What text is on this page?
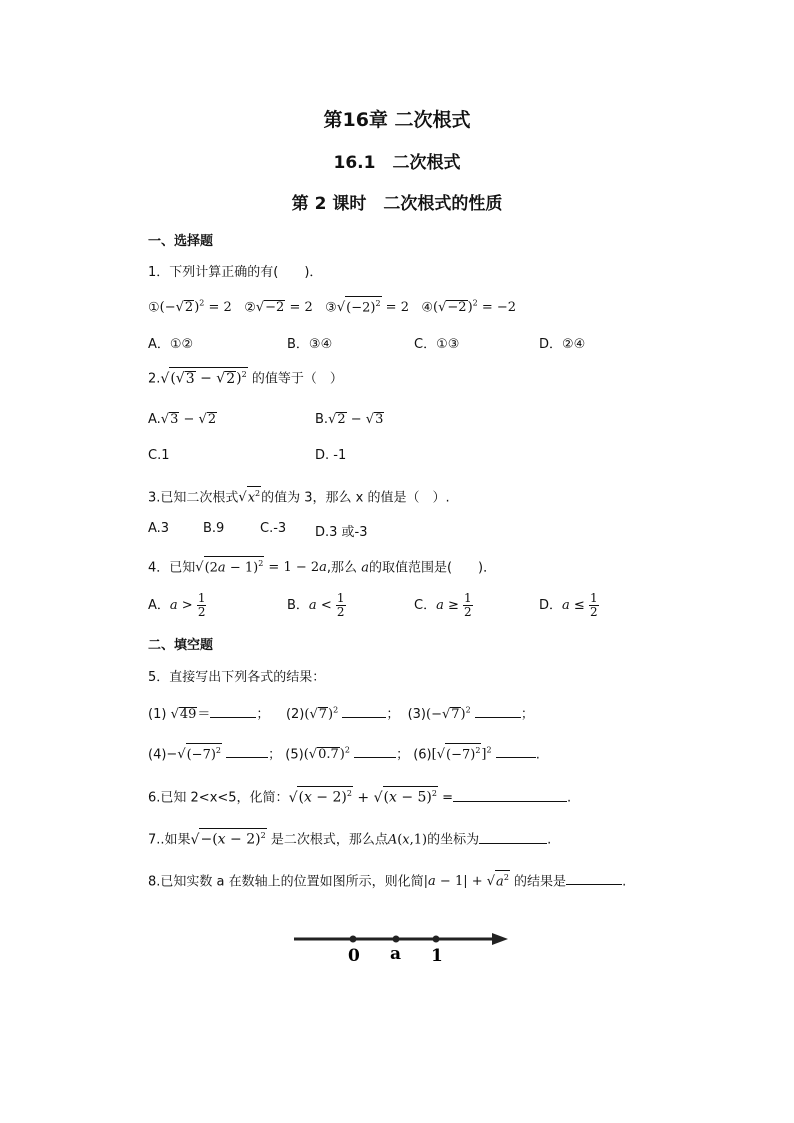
第16章 二次根式
16.1　二次根式
第 2 课时　二次根式的性质
一、选择题
1．下列计算正确的有(　　)．
$①(-√2)^2 = 2$ ②√−2 = 2 $③√(-2)^2 = 2$ $④(√-2)^2 = -2$
A．①②	B．③④	C．①③	D．②④
$2.√(√3 - √2)^2$ 的值等于（　）
A.√3 − √2	B.√2 − √3
C.1	D. -1
3.已知二次根式$√x^2$的值为 3，那么 x 的值是（　）.
A.3	B.9	C.-3 D.3 或-3
4．已知$√(2a - 1)^2 = 1 - 2a$,那么 a的取值范围是(　　)．
A．$a > \frac{1}{2}$	B．$a < \frac{1}{2}$	C．$a \ge \frac{1}{2}$	D．$a \le \frac{1}{2}$
二、填空题
5．直接写出下列各式的结果：
(1) √49＝	；    $(2)(√7)^2$	；  $(3)(-√7)^2$	；
$(4)-√(-7)^2$	； $(5)(√0.7)^2$	； $(6)[√(-7)^2]^2$	.
6.已知 2<x<5，化简：$√(x - 2)^2 + √(x - 5)^2$ =	.
7..如果$√-(x - 2)^2$ 是二次根式，那么点A(x,1)的坐标为	.
8.已知实数 a 在数轴上的位置如图所示，则化简$|a - 1| + √a^2$ 的结果是	.
0 a 1
